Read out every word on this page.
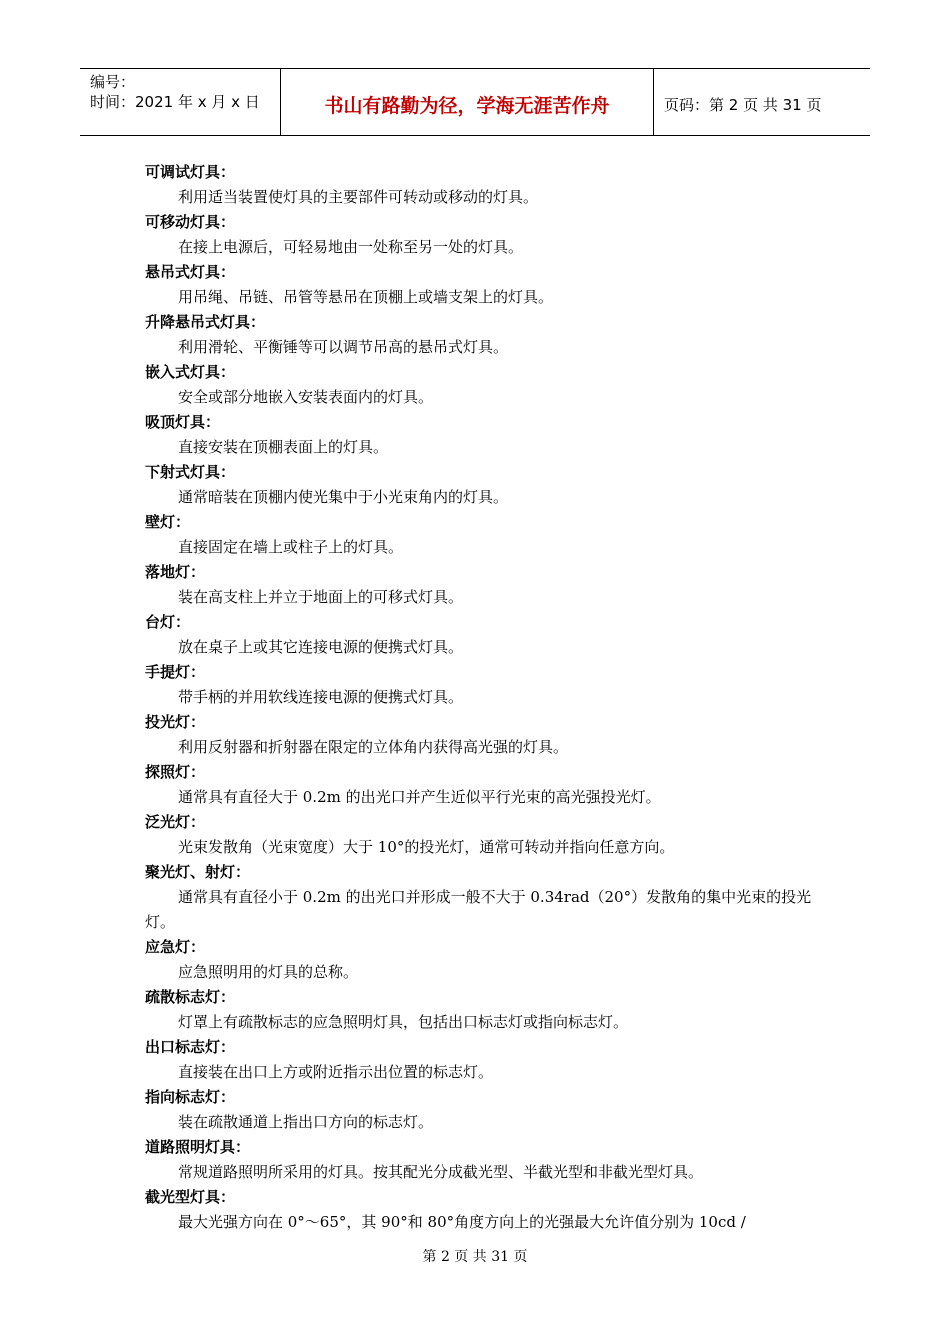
编号：
时间：2021 年 x 月 x 日	书山有路勤为径，学海无涯苦作舟	页码：第 2 页 共 31 页
可调试灯具：
利用适当装置使灯具的主要部件可转动或移动的灯具。
可移动灯具：
在接上电源后，可轻易地由一处称至另一处的灯具。
悬吊式灯具：
用吊绳、吊链、吊管等悬吊在顶棚上或墙支架上的灯具。
升降悬吊式灯具：
利用滑轮、平衡锤等可以调节吊高的悬吊式灯具。
嵌入式灯具：
安全或部分地嵌入安装表面内的灯具。
吸顶灯具：
直接安装在顶棚表面上的灯具。
下射式灯具：
通常暗装在顶棚内使光集中于小光束角内的灯具。
壁灯：
直接固定在墙上或柱子上的灯具。
落地灯：
装在高支柱上并立于地面上的可移式灯具。
台灯：
放在桌子上或其它连接电源的便携式灯具。
手提灯：
带手柄的并用软线连接电源的便携式灯具。
投光灯：
利用反射器和折射器在限定的立体角内获得高光强的灯具。
探照灯：
通常具有直径大于 0.2m 的出光口并产生近似平行光束的高光强投光灯。
泛光灯：
光束发散角（光束宽度）大于 10°的投光灯，通常可转动并指向任意方向。
聚光灯、射灯：
通常具有直径小于 0.2m 的出光口并形成一般不大于 0.34rad（20°）发散角的集中光束的投光灯。
应急灯：
应急照明用的灯具的总称。
疏散标志灯：
灯罩上有疏散标志的应急照明灯具，包括出口标志灯或指向标志灯。
出口标志灯：
直接装在出口上方或附近指示出位置的标志灯。
指向标志灯：
装在疏散通道上指出口方向的标志灯。
道路照明灯具：
常规道路照明所采用的灯具。按其配光分成截光型、半截光型和非截光型灯具。
截光型灯具：
最大光强方向在 0°～65°，其 90°和 80°角度方向上的光强最大允许值分别为 10cd /
第 2 页 共 31 页
